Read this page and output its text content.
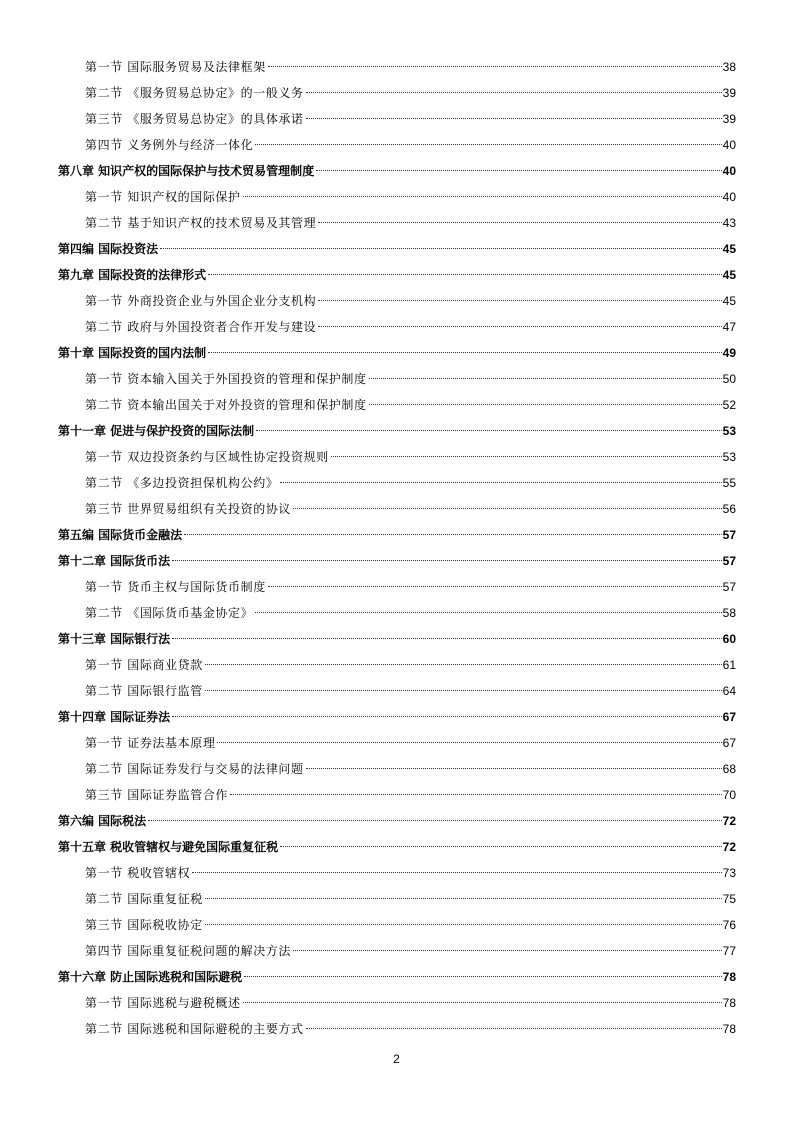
第一节 国际服务贸易及法律框架	38
第二节 《服务贸易总协定》的一般义务	39
第三节 《服务贸易总协定》的具体承诺	39
第四节 义务例外与经济一体化	40
第八章 知识产权的国际保护与技术贸易管理制度	40
第一节 知识产权的国际保护	40
第二节 基于知识产权的技术贸易及其管理	43
第四编 国际投资法	45
第九章 国际投资的法律形式	45
第一节 外商投资企业与外国企业分支机构	45
第二节 政府与外国投资者合作开发与建设	47
第十章 国际投资的国内法制	49
第一节 资本输入国关于外国投资的管理和保护制度	50
第二节 资本输出国关于对外投资的管理和保护制度	52
第十一章 促进与保护投资的国际法制	53
第一节 双边投资条约与区域性协定投资规则	53
第二节 《多边投资担保机构公约》	55
第三节 世界贸易组织有关投资的协议	56
第五编 国际货币金融法	57
第十二章 国际货币法	57
第一节 货币主权与国际货币制度	57
第二节 《国际货币基金协定》	58
第十三章 国际银行法	60
第一节 国际商业贷款	61
第二节 国际银行监管	64
第十四章 国际证券法	67
第一节 证券法基本原理	67
第二节 国际证券发行与交易的法律问题	68
第三节 国际证券监管合作	70
第六编 国际税法	72
第十五章 税收管辖权与避免国际重复征税	72
第一节 税收管辖权	73
第二节 国际重复征税	75
第三节 国际税收协定	76
第四节 国际重复征税问题的解决方法	77
第十六章 防止国际逃税和国际避税	78
第一节 国际逃税与避税概述	78
第二节 国际逃税和国际避税的主要方式	78
2
